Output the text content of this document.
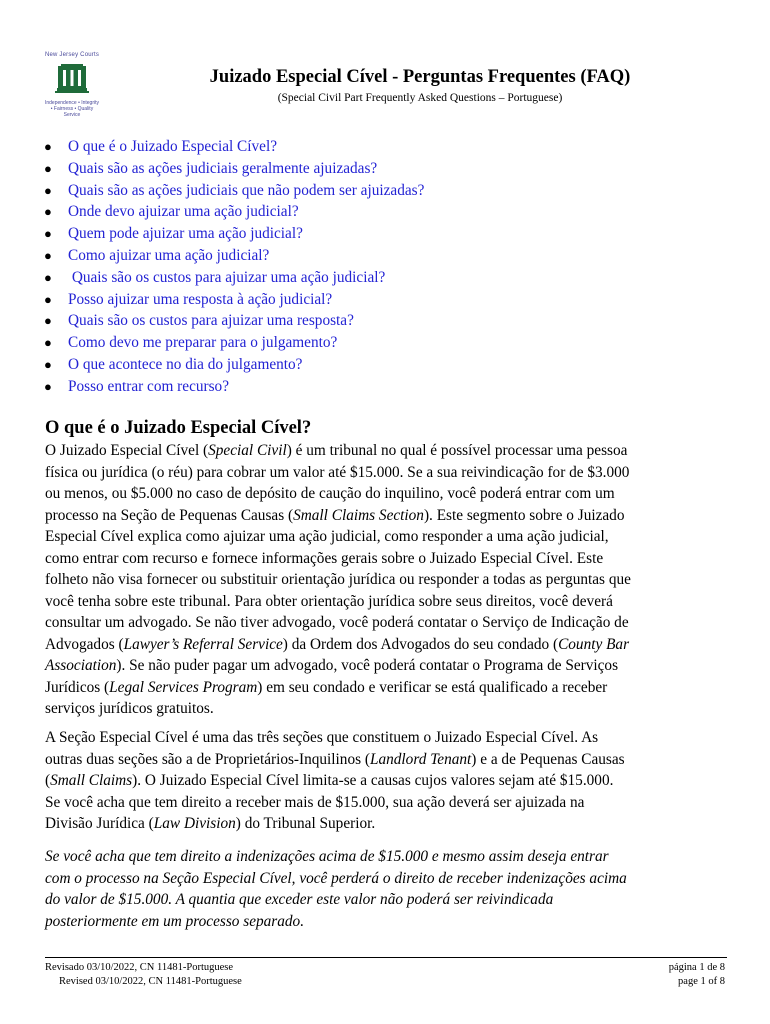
New Jersey Courts
Independence • Integrity • Fairness • Quality Service
Juizado Especial Cível - Perguntas Frequentes (FAQ)
(Special Civil Part Frequently Asked Questions – Portuguese)
● O que é o Juizado Especial Cível?
● Quais são as ações judiciais geralmente ajuizadas?
● Quais são as ações judiciais que não podem ser ajuizadas?
● Onde devo ajuizar uma ação judicial?
● Quem pode ajuizar uma ação judicial?
● Como ajuizar uma ação judicial?
● Quais são os custos para ajuizar uma ação judicial?
● Posso ajuizar uma resposta à ação judicial?
● Quais são os custos para ajuizar uma resposta?
● Como devo me preparar para o julgamento?
● O que acontece no dia do julgamento?
● Posso entrar com recurso?
O que é o Juizado Especial Cível?
O Juizado Especial Cível (Special Civil) é um tribunal no qual é possível processar uma pessoa
física ou jurídica (o réu) para cobrar um valor até $15.000. Se a sua reivindicação for de $3.000
ou menos, ou $5.000 no caso de depósito de caução do inquilino, você poderá entrar com um
processo na Seção de Pequenas Causas (Small Claims Section). Este segmento sobre o Juizado
Especial Cível explica como ajuizar uma ação judicial, como responder a uma ação judicial,
como entrar com recurso e fornece informações gerais sobre o Juizado Especial Cível. Este
folheto não visa fornecer ou substituir orientação jurídica ou responder a todas as perguntas que
você tenha sobre este tribunal. Para obter orientação jurídica sobre seus direitos, você deverá
consultar um advogado. Se não tiver advogado, você poderá contatar o Serviço de Indicação de
Advogados (Lawyer’s Referral Service) da Ordem dos Advogados do seu condado (County Bar
Association). Se não puder pagar um advogado, você poderá contatar o Programa de Serviços
Jurídicos (Legal Services Program) em seu condado e verificar se está qualificado a receber
serviços jurídicos gratuitos.
A Seção Especial Cível é uma das três seções que constituem o Juizado Especial Cível. As
outras duas seções são a de Proprietários-Inquilinos (Landlord Tenant) e a de Pequenas Causas
(Small Claims). O Juizado Especial Cível limita-se a causas cujos valores sejam até $15.000.
Se você acha que tem direito a receber mais de $15.000, sua ação deverá ser ajuizada na
Divisão Jurídica (Law Division) do Tribunal Superior.
Se você acha que tem direito a indenizações acima de $15.000 e mesmo assim deseja entrar
com o processo na Seção Especial Cível, você perderá o direito de receber indenizações acima
do valor de $15.000. A quantia que exceder este valor não poderá ser reivindicada
posteriormente em um processo separado.
Revisado 03/10/2022, CN 11481-Portuguese
Revised 03/10/2022, CN 11481-Portuguese
página 1 de 8
page 1 of 8
